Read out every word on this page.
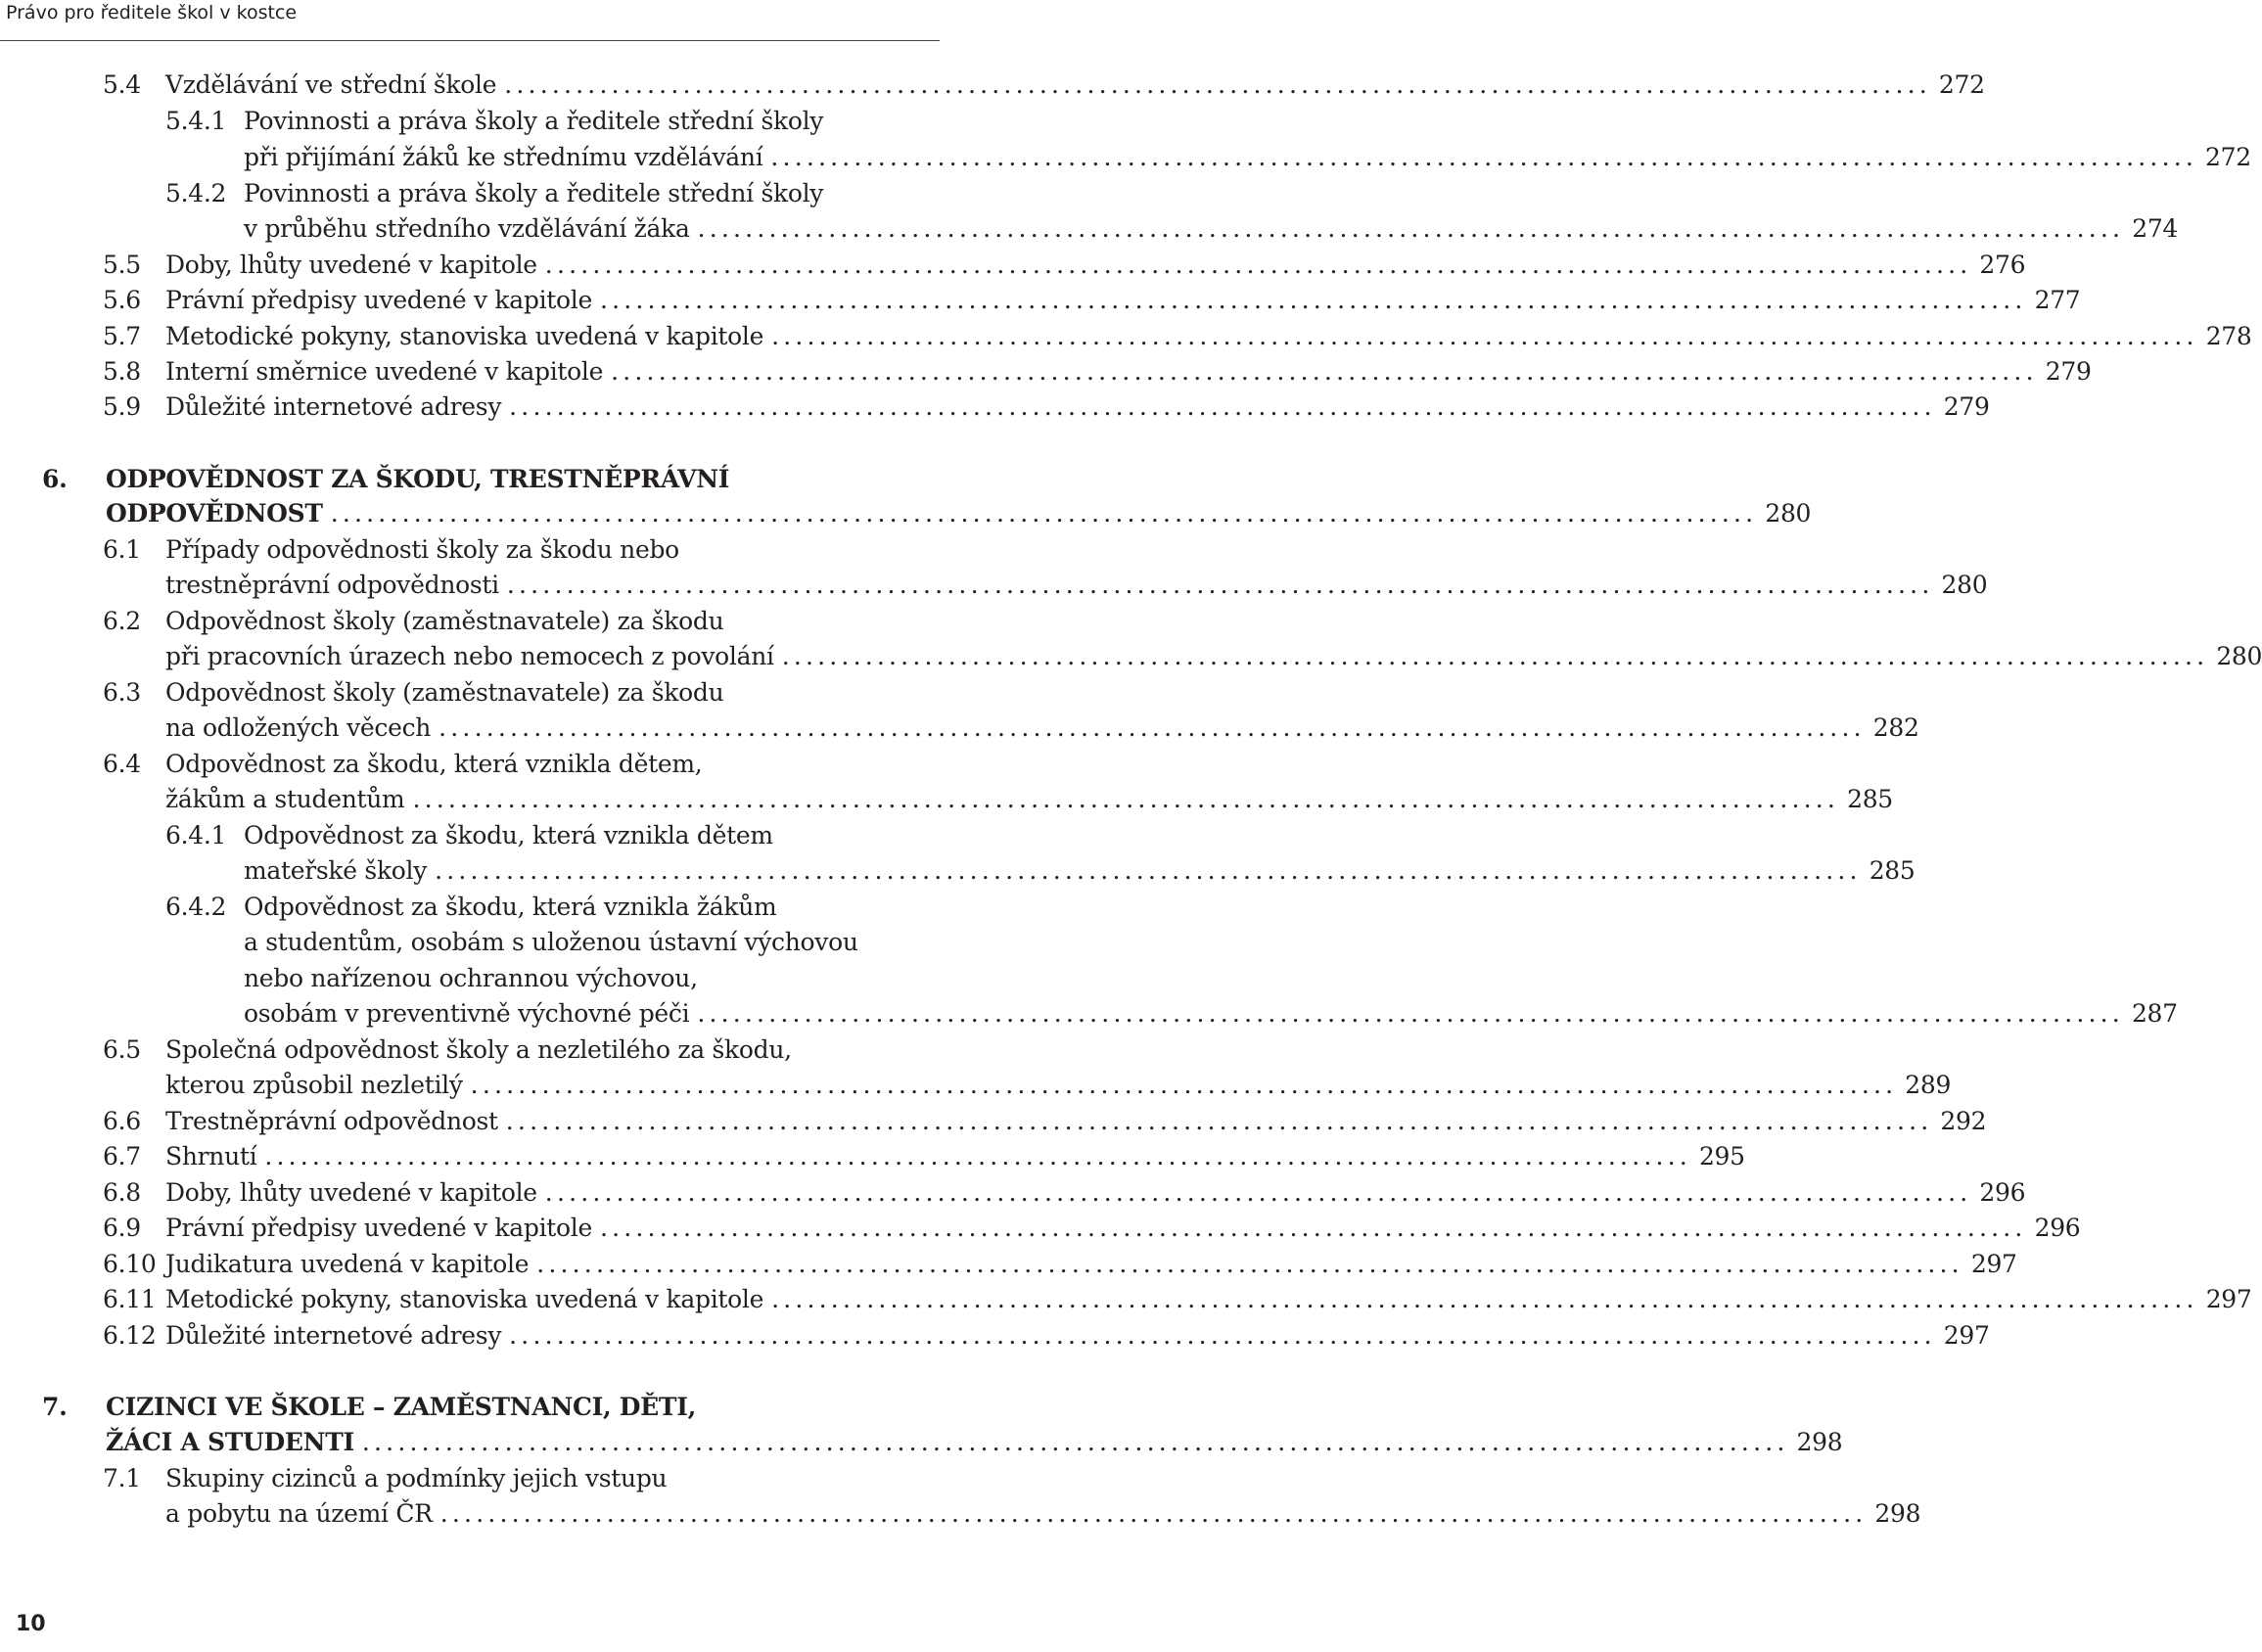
Právo pro ředitele škol v kostce
5.4 Vzdělávání ve střední škole ........................................................................................................................ 272
5.4.1 Povinnosti a práva školy a ředitele střední školy
při přijímání žáků ke střednímu vzdělávání ........................................................................................................................ 272
5.4.2 Povinnosti a práva školy a ředitele střední školy
v průběhu středního vzdělávání žáka ........................................................................................................................ 274
5.5 Doby, lhůty uvedené v kapitole ........................................................................................................................ 276
5.6 Právní předpisy uvedené v kapitole ........................................................................................................................ 277
5.7 Metodické pokyny, stanoviska uvedená v kapitole ........................................................................................................................ 278
5.8 Interní směrnice uvedené v kapitole ........................................................................................................................ 279
5.9 Důležité internetové adresy ........................................................................................................................ 279
6. ODPOVĚDNOST ZA ŠKODU, TRESTNĚPRÁVNÍ
ODPOVĚDNOST ........................................................................................................................ 280
6.1 Případy odpovědnosti školy za škodu nebo
trestněprávní odpovědnosti ........................................................................................................................ 280
6.2 Odpovědnost školy (zaměstnavatele) za škodu
při pracovních úrazech nebo nemocech z povolání ........................................................................................................................ 280
6.3 Odpovědnost školy (zaměstnavatele) za škodu
na odložených věcech ........................................................................................................................ 282
6.4 Odpovědnost za škodu, která vznikla dětem,
žákům a studentům ........................................................................................................................ 285
6.4.1 Odpovědnost za škodu, která vznikla dětem
mateřské školy ........................................................................................................................ 285
6.4.2 Odpovědnost za škodu, která vznikla žákům
a studentům, osobám s uloženou ústavní výchovou
nebo nařízenou ochrannou výchovou,
osobám v preventivně výchovné péči ........................................................................................................................ 287
6.5 Společná odpovědnost školy a nezletilého za škodu,
kterou způsobil nezletilý ........................................................................................................................ 289
6.6 Trestněprávní odpovědnost ........................................................................................................................ 292
6.7 Shrnutí ........................................................................................................................ 295
6.8 Doby, lhůty uvedené v kapitole ........................................................................................................................ 296
6.9 Právní předpisy uvedené v kapitole ........................................................................................................................ 296
6.10 Judikatura uvedená v kapitole ........................................................................................................................ 297
6.11 Metodické pokyny, stanoviska uvedená v kapitole ........................................................................................................................ 297
6.12 Důležité internetové adresy ........................................................................................................................ 297
7. CIZINCI VE ŠKOLE – ZAMĚSTNANCI, DĚTI,
ŽÁCI A STUDENTI ........................................................................................................................ 298
7.1 Skupiny cizinců a podmínky jejich vstupu
a pobytu na území ČR ........................................................................................................................ 298
10
